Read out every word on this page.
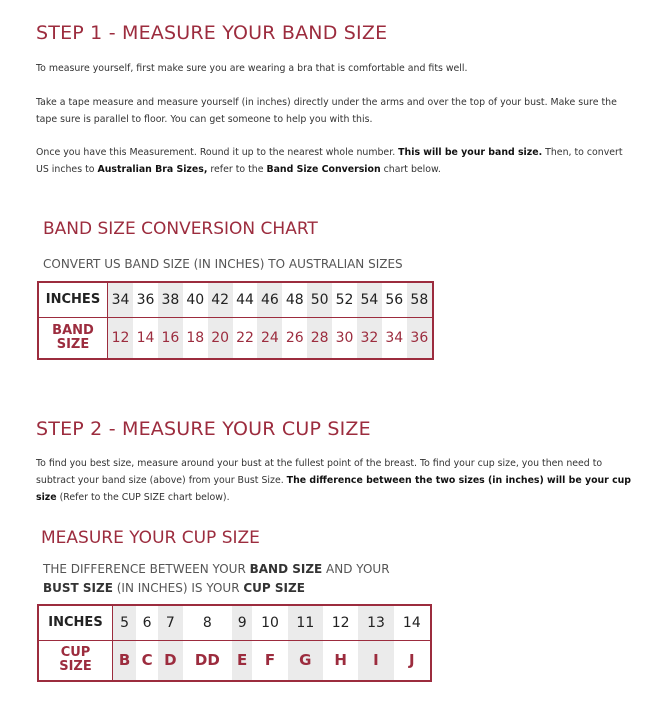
STEP 1 - MEASURE YOUR BAND SIZE
To measure yourself, first make sure you are wearing a bra that is comfortable and fits well.
Take a tape measure and measure yourself (in inches) directly under the arms and over the top of your bust. Make sure the tape sure is parallel to floor. You can get someone to help you with this.
Once you have this Measurement. Round it up to the nearest whole number. This will be your band size. Then, to convert US inches to Australian Bra Sizes, refer to the Band Size Conversion chart below.
BAND SIZE CONVERSION CHART
CONVERT US BAND SIZE (IN INCHES) TO AUSTRALIAN SIZES
INCHES	34	36	38	40	42	44	46	48	50	52	54	56	58
BAND
SIZE	12	14	16	18	20	22	24	26	28	30	32	34	36
STEP 2 - MEASURE YOUR CUP SIZE
To find you best size, measure around your bust at the fullest point of the breast. To find your cup size, you then need to subtract your band size (above) from your Bust Size. The difference between the two sizes (in inches) will be your cup size (Refer to the CUP SIZE chart below).
MEASURE YOUR CUP SIZE
THE DIFFERENCE BETWEEN YOUR BAND SIZE AND YOUR
BUST SIZE (IN INCHES) IS YOUR CUP SIZE
INCHES	5	6	7	8	9	10	11	12	13	14
CUP
SIZE	B	C	D	DD	E	F	G	H	I	J
